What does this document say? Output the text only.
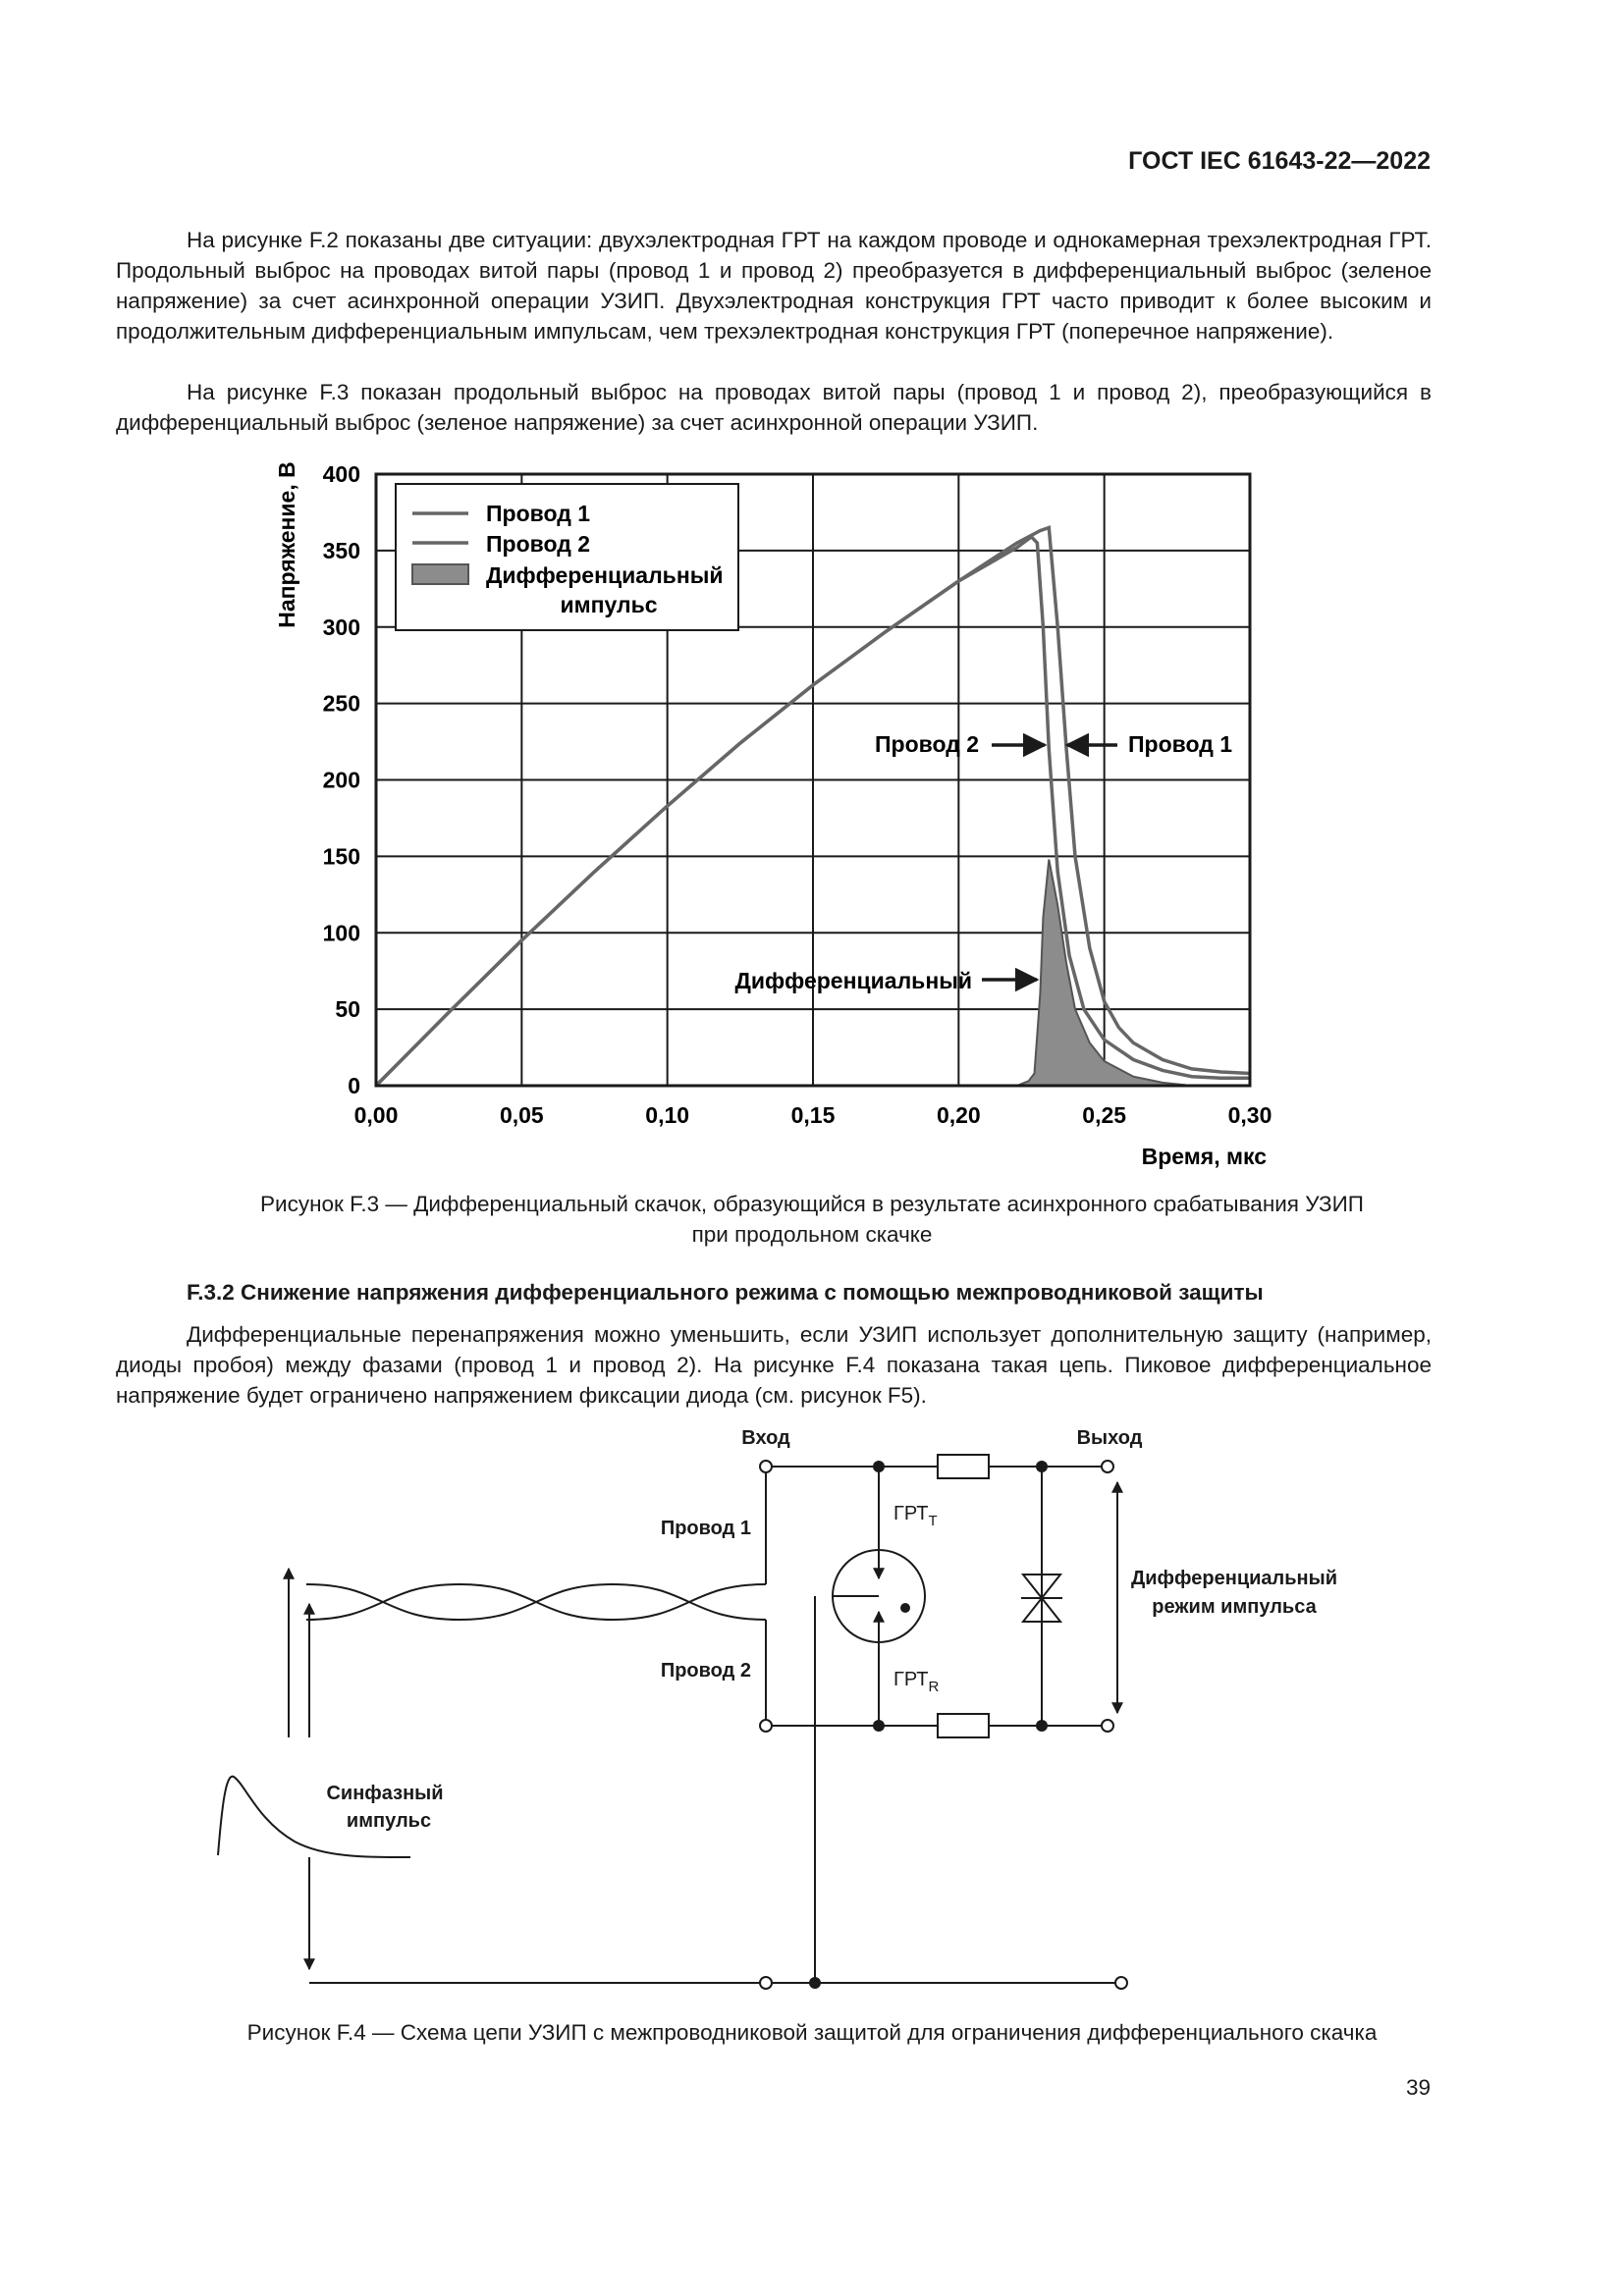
ГОСТ IEC 61643-22—2022

На рисунке F.2 показаны две ситуации: двухэлектродная ГРТ на каждом проводе и однокамерная трехэлектродная ГРТ. Продольный выброс на проводах витой пары (провод 1 и провод 2) преобразуется в дифференциальный выброс (зеленое напряжение) за счет асинхронной операции УЗИП. Двухэлектродная конструкция ГРТ часто приводит к более высоким и продолжительным дифференциальным импульсам, чем трехэлектродная конструкция ГРТ (поперечное напряжение).

На рисунке F.3 показан продольный выброс на проводах витой пары (провод 1 и провод 2), преобразующийся в дифференциальный выброс (зеленое напряжение) за счет асинхронной операции УЗИП.

0
50
100
150
200
250
300
350
400
0,00	0,05	0,10	0,15	0,20	0,25	0,30
Напряжение, В
Время, мкс
Провод 1
Провод 2
Дифференциальный
импульс
Провод 2	Провод 1
Дифференциальный
Рисунок F.3 — Дифференциальный скачок, образующийся в результате асинхронного срабатывания УЗИП
при продольном скачке
F.3.2 Снижение напряжения дифференциального режима с помощью межпроводниковой защиты

Дифференциальные перенапряжения можно уменьшить, если УЗИП использует дополнительную защиту (например, диоды пробоя) между фазами (провод 1 и провод 2). На рисунке F.4 показана такая цепь. Пиковое дифференциальное напряжение будет ограничено напряжением фиксации диода (см. рисунок F5).

Вход	Выход
Провод 1
Провод 2
Дифференциальный
режим импульса
Синфазный
импульс
$ГРТ_T$
$ГРТ_R$
Рисунок F.4 — Схема цепи УЗИП с межпроводниковой защитой для ограничения дифференциального скачка
39
